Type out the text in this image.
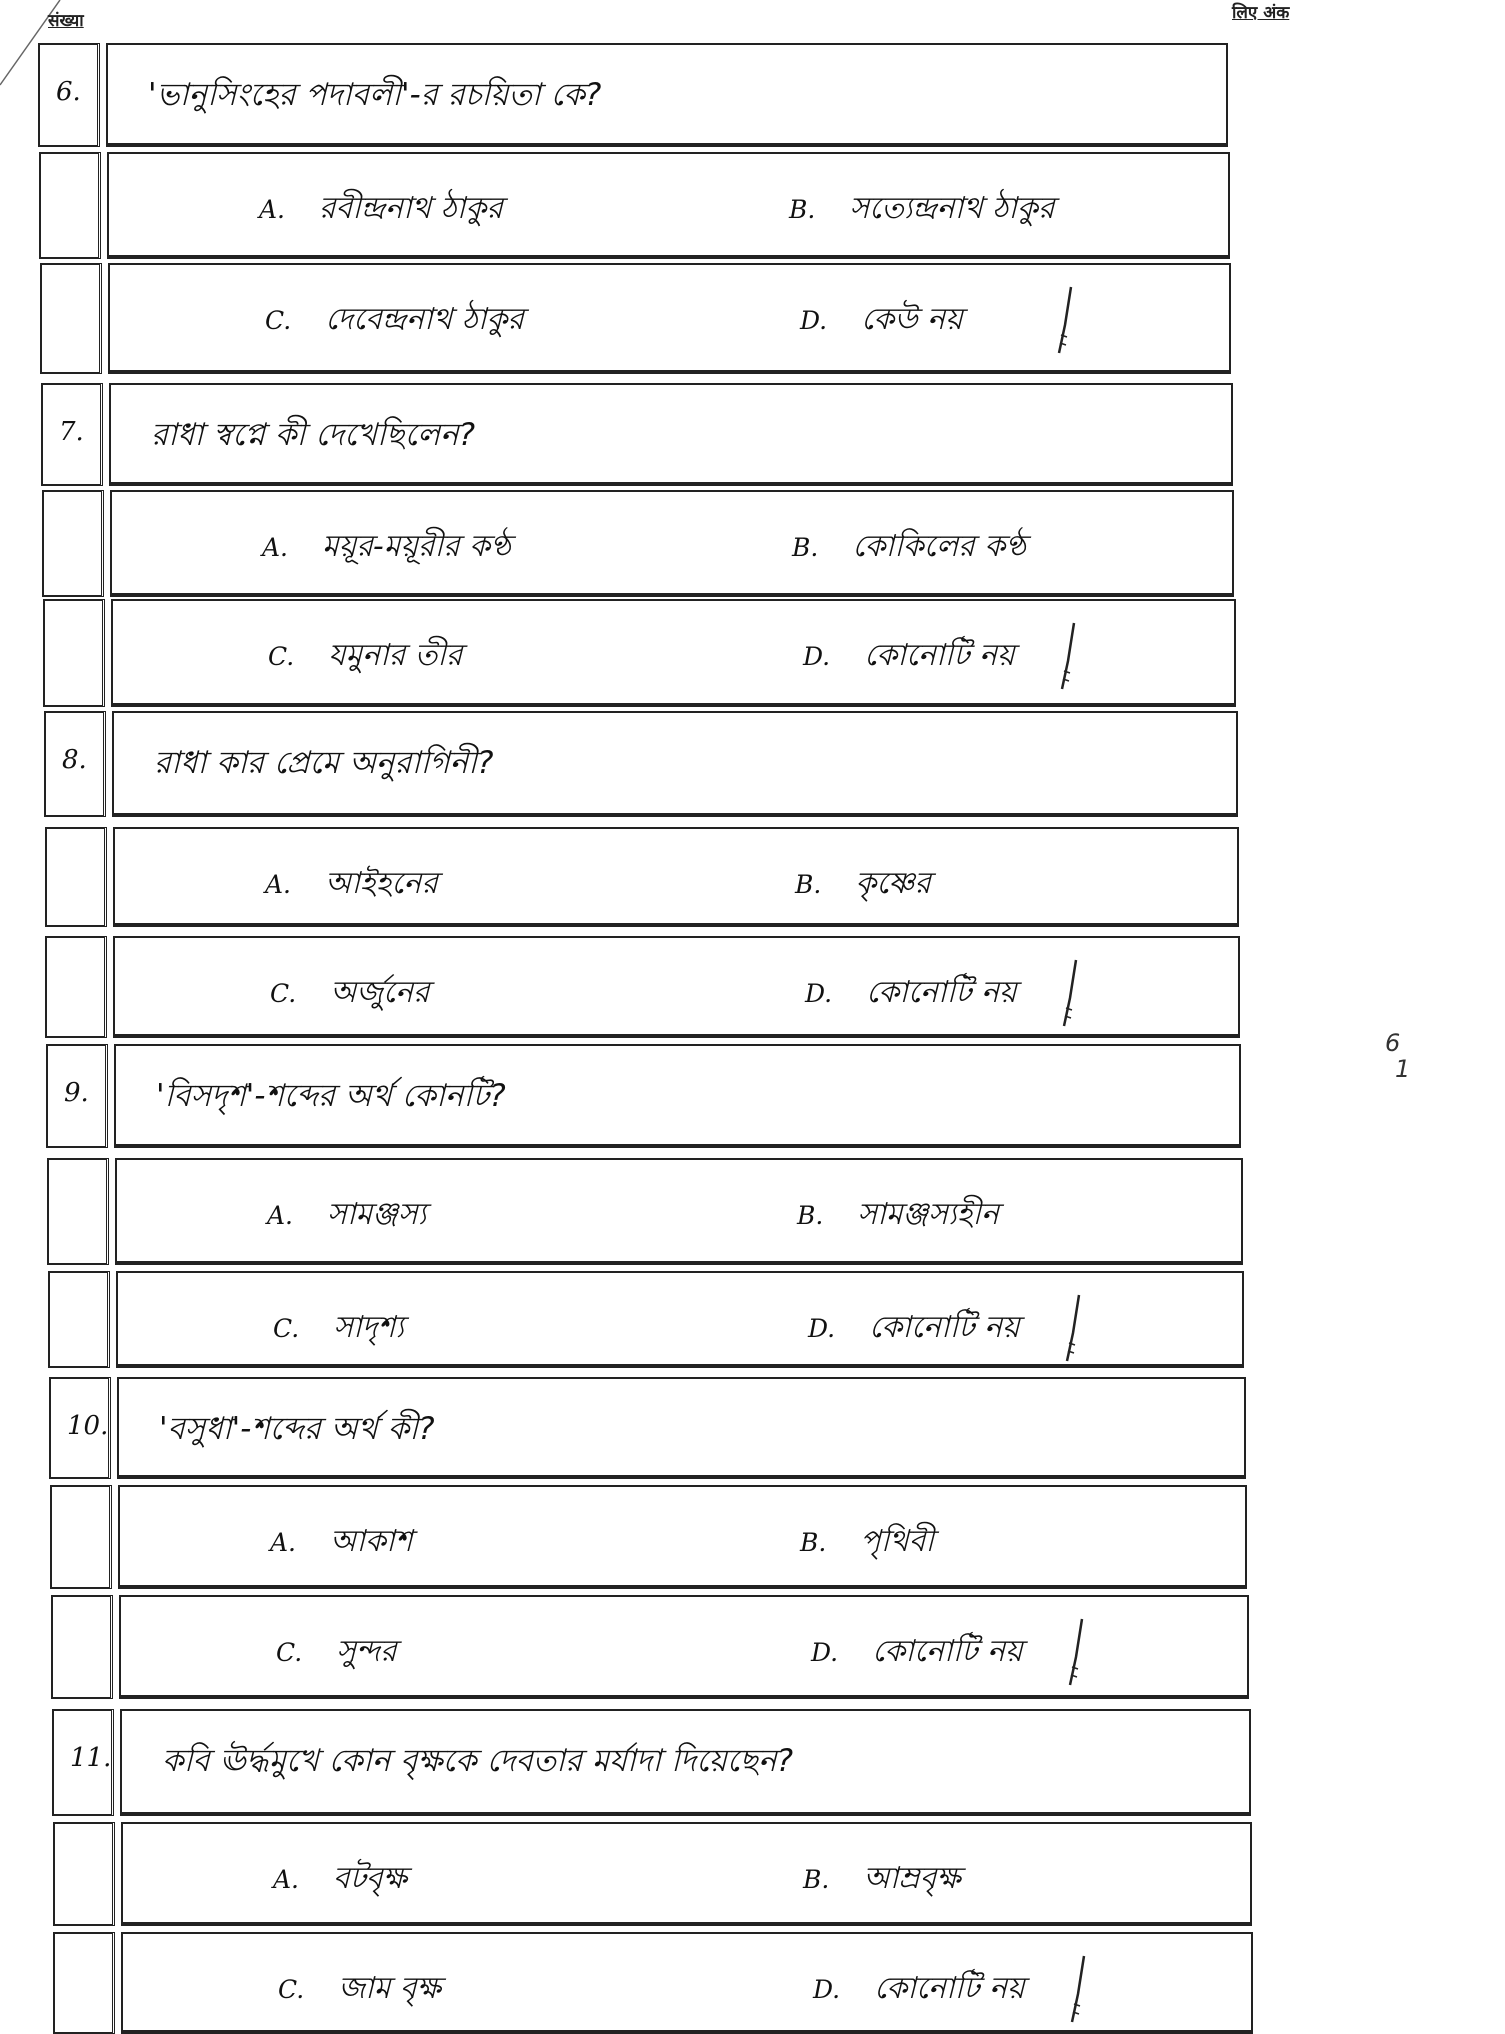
संख्या	लिए अंक
6
1
6. 'ভানুসিংহের পদাবলী'-র রচয়িতা কে?
A. রবীন্দ্রনাথ ঠাকুর	B. সত্যেন্দ্রনাথ ঠাকুর
C. দেবেন্দ্রনাথ ঠাকুর	D. কেউ নয়
7. রাধা স্বপ্নে কী দেখেছিলেন?
A. ময়ূর-ময়ূরীর কণ্ঠ	B. কোকিলের কণ্ঠ
C. যমুনার তীর	D. কোনোটি নয়
8. রাধা কার প্রেমে অনুরাগিনী?
A. আইহনের	B. কৃষ্ণের
C. অর্জুনের	D. কোনোটি নয়
9. 'বিসদৃশ'-শব্দের অর্থ কোনটি?
A. সামঞ্জস্য	B. সামঞ্জস্যহীন
C. সাদৃশ্য	D. কোনোটি নয়
10. 'বসুধা'-শব্দের অর্থ কী?
A. আকাশ	B. পৃথিবী
C. সুন্দর	D. কোনোটি নয়
11. কবি ঊর্দ্ধমুখে কোন বৃক্ষকে দেবতার মর্যাদা দিয়েছেন?
A. বটবৃক্ষ	B. আম্রবৃক্ষ
C. জাম বৃক্ষ	D. কোনোটি নয়
